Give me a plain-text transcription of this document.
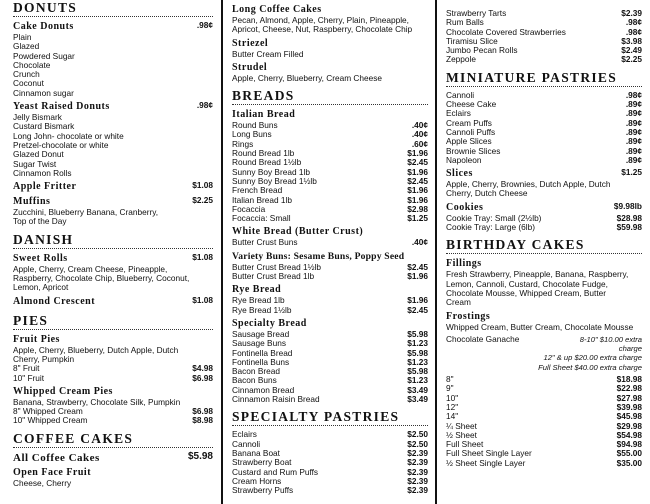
DONUTS
Cake Donuts	.98¢
Plain
Glazed
Powdered Sugar
Chocolate
Crunch
Coconut
Cinnamon sugar
Yeast Raised Donuts	.98¢
Jelly Bismark
Custard Bismark
Long John- chocolate or white
Pretzel-chocolate or white
Glazed Donut
Sugar Twist
Cinnamon Rolls
Apple Fritter	$1.08
Muffins	$2.25
Zucchini, Blueberry Banana, Cranberry,
Top of the Day
DANISH
Sweet Rolls	$1.08
Apple, Cherry, Cream Cheese, Pineapple,
Raspberry, Chocolate Chip, Blueberry, Coconut,
Lemon, Apricot
Almond Crescent	$1.08
PIES
Fruit Pies
Apple, Cherry, Blueberry, Dutch Apple, Dutch
Cherry, Pumpkin
8" Fruit	$4.98
10" Fruit	$6.98
Whipped Cream Pies
Banana, Strawberry, Chocolate Silk, Pumpkin
8" Whipped Cream	$6.98
10" Whipped Cream	$8.98
COFFEE CAKES
All Coffee Cakes	$5.98
Open Face Fruit
Cheese, Cherry
Long Coffee Cakes
Pecan, Almond, Apple, Cherry, Plain, Pineapple,
Apricot, Cheese, Nut, Raspberry, Chocolate Chip
Striezel
Butter Cream Filled
Strudel
Apple, Cherry, Blueberry, Cream Cheese
BREADS
Italian Bread
Round Buns	.40¢
Long Buns	.40¢
Rings	.60¢
Round Bread 1lb	$1.96
Round Bread 1½lb	$2.45
Sunny Boy Bread 1lb	$1.96
Sunny Boy Bread 1½lb	$2.45
French Bread	$1.96
Italian Bread 1lb	$1.96
Focaccia	$2.98
Focaccia: Small	$1.25
White Bread (Butter Crust)
Butter Crust Buns	.40¢
Variety Buns: Sesame Buns, Poppy Seed
Butter Crust Bread 1½lb	$2.45
Butter Crust Bread 1lb	$1.96
Rye Bread
Rye Bread 1lb	$1.96
Rye Bread 1½lb	$2.45
Specialty Bread
Sausage Bread	$5.98
Sausage Buns	$1.23
Fontinella Bread	$5.98
Fontinella Buns	$1.23
Bacon Bread	$5.98
Bacon Buns	$1.23
Cinnamon Bread	$3.49
Cinnamon Raisin Bread	$3.49
SPECIALTY PASTRIES
Eclairs	$2.50
Cannoli	$2.50
Banana Boat	$2.39
Strawberry Boat	$2.39
Custard and Rum Puffs	$2.39
Cream Horns	$2.39
Strawberry Puffs	$2.39
Strawberry Tarts	$2.39
Rum Balls	.98¢
Chocolate Covered Strawberries	.98¢
Tiramisu Slice	$3.98
Jumbo Pecan Rolls	$2.49
Zeppole	$2.25
MINIATURE PASTRIES
Cannoli	.98¢
Cheese Cake	.89¢
Eclairs	.89¢
Cream Puffs	.89¢
Cannoli Puffs	.89¢
Apple Slices	.89¢
Brownie Slices	.89¢
Napoleon	.89¢
Slices	$1.25
Apple, Cherry, Brownies, Dutch Apple, Dutch
Cherry, Dutch Cheese
Cookies	$9.98lb
Cookie Tray: Small (2½lb)	$28.98
Cookie Tray: Large (6lb)	$59.98
BIRTHDAY CAKES
Fillings
Fresh Strawberry, Pineapple, Banana, Raspberry,
Lemon, Cannoli, Custard, Chocolate Fudge,
Chocolate Mousse, Whipped Cream, Butter
Cream
Frostings
Whipped Cream, Butter Cream, Chocolate Mousse
Chocolate Ganache	8-10" $10.00 extra charge
12" & up $20.00 extra charge
Full Sheet $40.00 extra charge
8"	$18.98
9"	$22.98
10"	$27.98
12"	$39.98
14"	$45.98
¼ Sheet	$29.98
½ Sheet	$54.98
Full Sheet	$94.98
Full Sheet Single Layer	$55.00
½ Sheet Single Layer	$35.00
